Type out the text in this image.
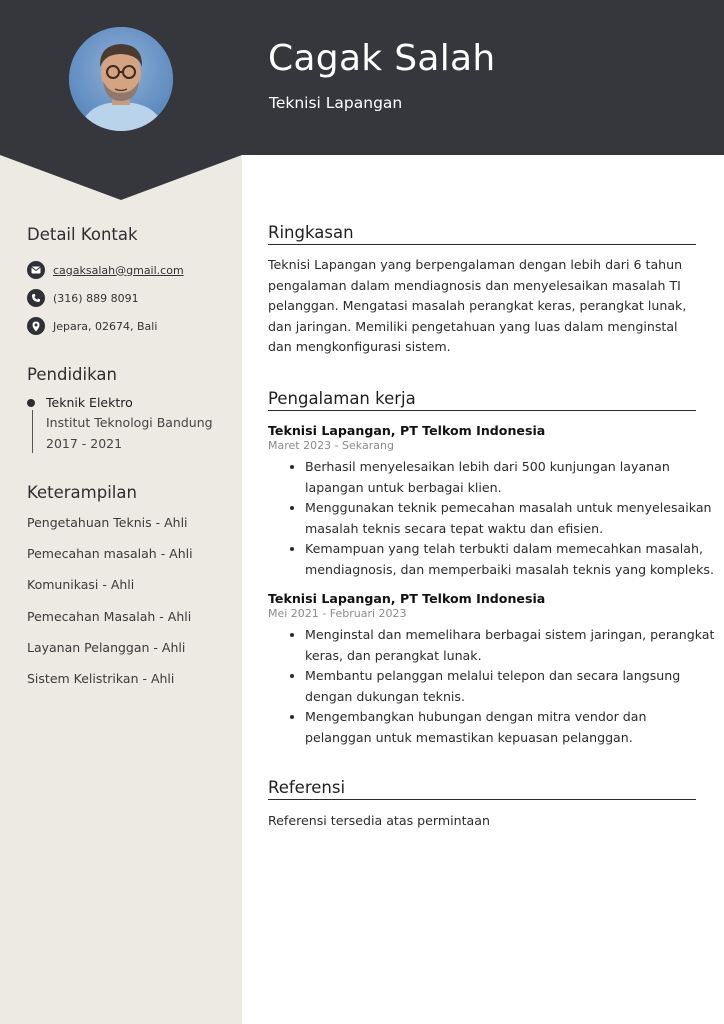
Cagak Salah
Teknisi Lapangan
Detail Kontak
cagaksalah@gmail.com
(316) 889 8091
Jepara, 02674, Bali
Pendidikan
Teknik Elektro
Institut Teknologi Bandung
2017 - 2021
Keterampilan
Pengetahuan Teknis - Ahli
Pemecahan masalah - Ahli
Komunikasi - Ahli
Pemecahan Masalah - Ahli
Layanan Pelanggan - Ahli
Sistem Kelistrikan - Ahli
Ringkasan

Teknisi Lapangan yang berpengalaman dengan lebih dari 6 tahun pengalaman dalam mendiagnosis dan menyelesaikan masalah TI pelanggan. Mengatasi masalah perangkat keras, perangkat lunak, dan jaringan. Memiliki pengetahuan yang luas dalam menginstal dan mengkonfigurasi sistem.

Pengalaman kerja
Teknisi Lapangan, PT Telkom Indonesia
Maret 2023 - Sekarang
• Berhasil menyelesaikan lebih dari 500 kunjungan layanan lapangan untuk berbagai klien.
• Menggunakan teknik pemecahan masalah untuk menyelesaikan masalah teknis secara tepat waktu dan efisien.
• Kemampuan yang telah terbukti dalam memecahkan masalah, mendiagnosis, dan memperbaiki masalah teknis yang kompleks.
Teknisi Lapangan, PT Telkom Indonesia
Mei 2021 - Februari 2023
• Menginstal dan memelihara berbagai sistem jaringan, perangkat keras, dan perangkat lunak.
• Membantu pelanggan melalui telepon dan secara langsung dengan dukungan teknis.
• Mengembangkan hubungan dengan mitra vendor dan pelanggan untuk memastikan kepuasan pelanggan.
Referensi

Referensi tersedia atas permintaan
